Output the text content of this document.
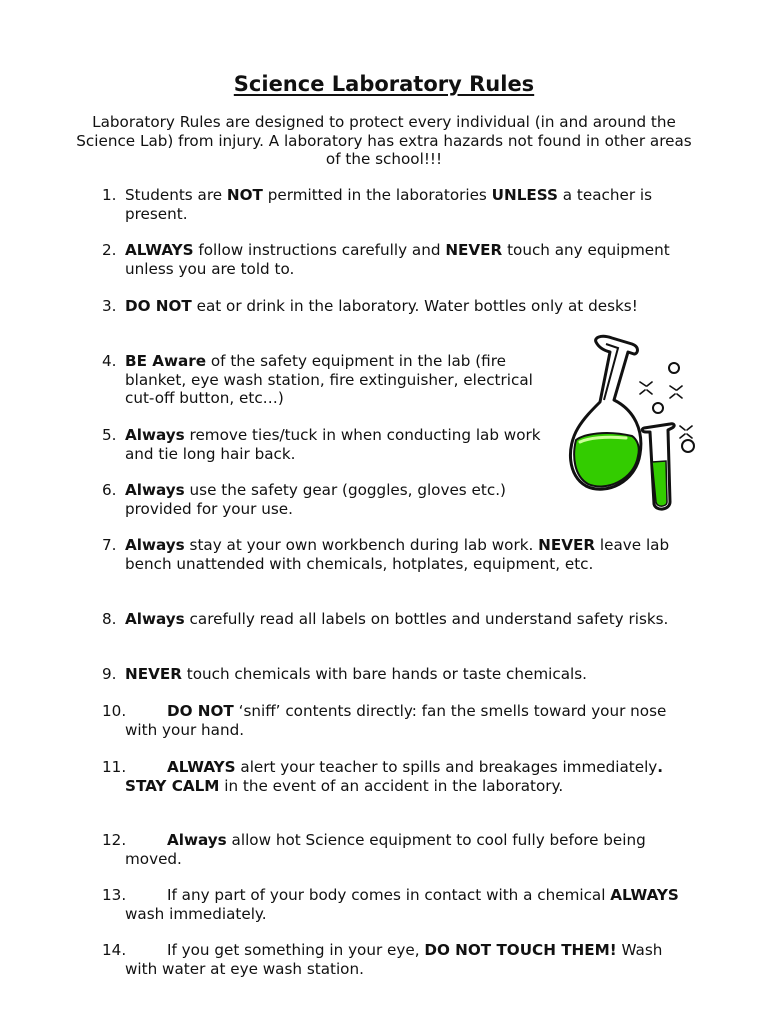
Science Laboratory Rules

Laboratory Rules are designed to protect every individual (in and around the Science Lab) from injury. A laboratory has extra hazards not found in other areas of the school!!!

1. Students are NOT permitted in the laboratories UNLESS a teacher is present.
2. ALWAYS follow instructions carefully and NEVER touch any equipment unless you are told to.
3. DO NOT eat or drink in the laboratory. Water bottles only at desks!
4. BE Aware of the safety equipment in the lab (fire blanket, eye wash station, fire extinguisher, electrical cut-off button, etc…)
5. Always remove ties/tuck in when conducting lab work and tie long hair back.
6. Always use the safety gear (goggles, gloves etc.) provided for your use.
7. Always stay at your own workbench during lab work. NEVER leave lab bench unattended with chemicals, hotplates, equipment, etc.
8. Always carefully read all labels on bottles and understand safety risks.
9. NEVER touch chemicals with bare hands or taste chemicals.
10.	DO NOT ‘sniff’ contents directly: fan the smells toward your nose with your hand.
11.	ALWAYS alert your teacher to spills and breakages immediately. STAY CALM in the event of an accident in the laboratory.
12.	Always allow hot Science equipment to cool fully before being moved.
13.	If any part of your body comes in contact with a chemical ALWAYS wash immediately.
14.	If you get something in your eye, DO NOT TOUCH THEM! Wash with water at eye wash station.
